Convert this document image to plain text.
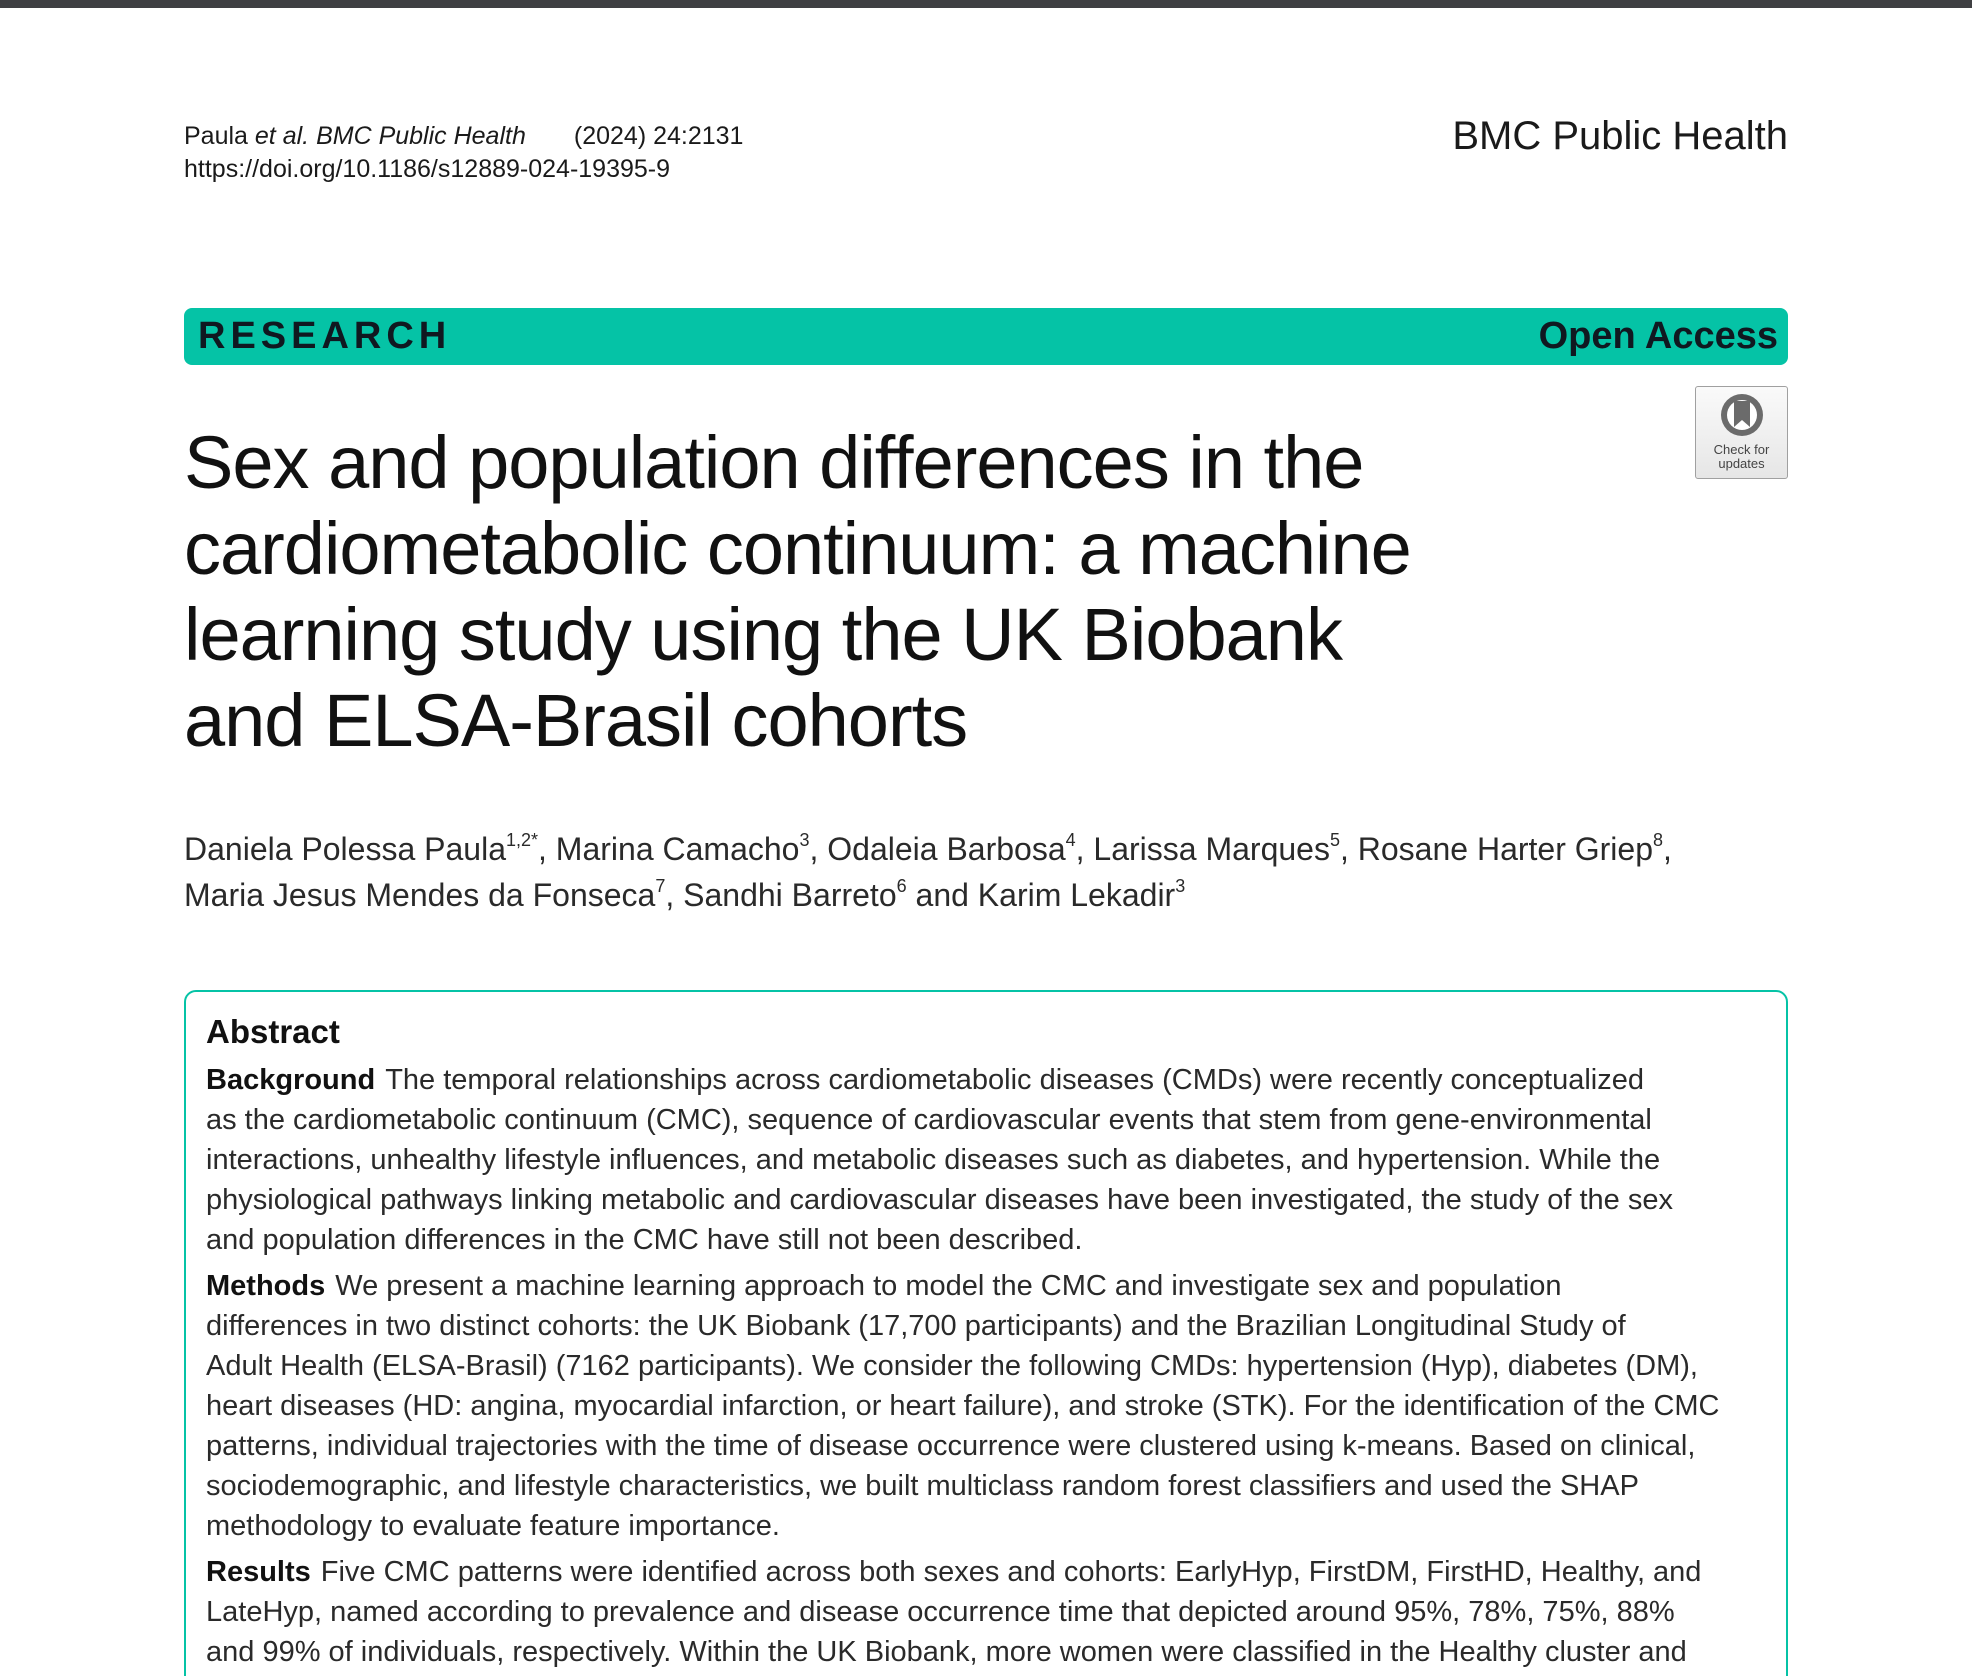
Paula et al. BMC Public Health (2024) 24:2131
https://doi.org/10.1186/s12889-024-19395-9
BMC Public Health
RESEARCH	Open Access
Check for
updates
Sex and population differences in the
cardiometabolic continuum: a machine
learning study using the UK Biobank
and ELSA-Brasil cohorts
Daniela Polessa Paula$^{1,2*}$, Marina Camacho$^3$, Odaleia Barbosa$^4$, Larissa Marques$^5$, Rosane Harter Griep$^8$,
Maria Jesus Mendes da Fonseca$^7$, Sandhi Barreto$^6$ and Karim Lekadir$^3$
Abstract
Background The temporal relationships across cardiometabolic diseases (CMDs) were recently conceptualized
as the cardiometabolic continuum (CMC), sequence of cardiovascular events that stem from gene-environmental
interactions, unhealthy lifestyle influences, and metabolic diseases such as diabetes, and hypertension. While the
physiological pathways linking metabolic and cardiovascular diseases have been investigated, the study of the sex
and population differences in the CMC have still not been described.
Methods We present a machine learning approach to model the CMC and investigate sex and population
differences in two distinct cohorts: the UK Biobank (17,700 participants) and the Brazilian Longitudinal Study of
Adult Health (ELSA-Brasil) (7162 participants). We consider the following CMDs: hypertension (Hyp), diabetes (DM),
heart diseases (HD: angina, myocardial infarction, or heart failure), and stroke (STK). For the identification of the CMC
patterns, individual trajectories with the time of disease occurrence were clustered using k-means. Based on clinical,
sociodemographic, and lifestyle characteristics, we built multiclass random forest classifiers and used the SHAP
methodology to evaluate feature importance.
Results Five CMC patterns were identified across both sexes and cohorts: EarlyHyp, FirstDM, FirstHD, Healthy, and
LateHyp, named according to prevalence and disease occurrence time that depicted around 95%, 78%, 75%, 88%
and 99% of individuals, respectively. Within the UK Biobank, more women were classified in the Healthy cluster and
